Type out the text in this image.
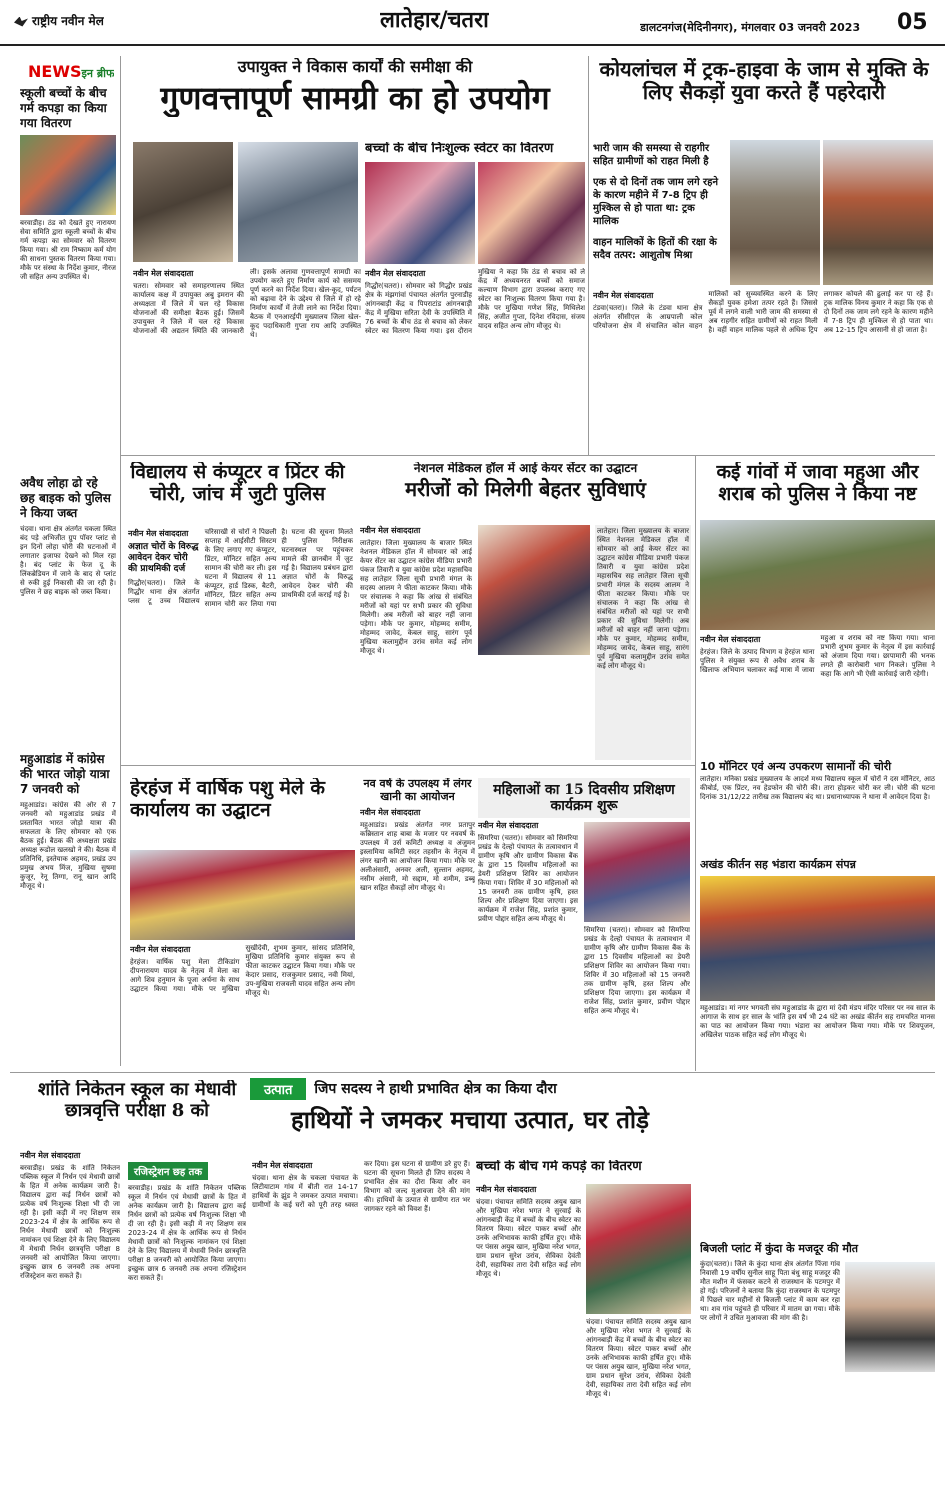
राष्ट्रीय नवीन मेल	लातेहार/चतरा	डालटनगंज(मेदिनीनगर), मंगलवार 03 जनवरी 2023 05
NEWSइन ब्रीफ
स्कूली बच्चों के बीच गर्म कपड़ा का किया गया वितरण
बरवाडीह। ठंड को देखते हुए नारायण सेवा समिति द्वारा स्कूली बच्चों के बीच गर्म कपड़ा का सोमवार को वितरण किया गया। श्री राम निष्काम कर्म योग की साधना पुस्तक वितरण किया गया। मौके पर संस्था के निर्देश कुमार, नीरज जी सहित अन्य उपस्थित थे।
अवैध लोहा ढो रहे छह बाइक को पुलिस ने किया जब्त
चंदवा। थाना क्षेत्र अंतर्गत चकला स्थित बंद पड़े अभिजीत ग्रुप पॉवर प्लांट से इन दिनों लोहा चोरी की घटनाओं में लगातार इजाफा देखने को मिल रहा है। बंद प्लांट के फेज दू के लिंकब्रेडियन में जाने के बाद से प्लांट से रुकी हुई निकासी की जा रही है। पुलिस ने छह बाइक को जब्त किया।
महुआडांड में कांग्रेस की भारत जोड़ो यात्रा 7 जनवरी को
महुआडांड। कांग्रेस की ओर से 7 जनवरी को महुआडांड प्रखंड में प्रस्तावित भारत जोड़ो यात्रा की सफलता के लिए सोमवार को एक बैठक हुई। बैठक की अध्यक्षता प्रखंड अध्यक्ष रूडोल खलखो ने की। बैठक में प्रतिनिधि, इस्तेयाक अहमद, प्रखंड उप प्रमुख अभय मिंज, मुखिया सुषमा कुजूर, रेनू तिग्गा, रानू खान आदि मौजूद थे।
उपायुक्त ने विकास कार्यों की समीक्षा की
गुणवत्तापूर्ण सामग्री का हो उपयोग
नवीन मेल संवाददाता
चतरा। सोमवार को समाहरणालय स्थित कार्यालय कक्ष में उपायुक्त अबु इमरान की अध्यक्षता में जिले में चल रहे विकास योजनाओं की समीक्षा बैठक हुई। जिसमें उपायुक्त ने जिले में चल रहे विकास योजनाओं की अद्यतन स्थिति की जानकारी ली। इसके अलावा गुणवत्तापूर्ण सामग्री का उपयोग करते हुए निर्माण कार्य को ससमय पूर्ण करने का निर्देश दिया। खेल-कूद, पर्यटन को बढ़ावा देने के उद्देश्य से जिले में हो रहे निर्माण कार्यों में तेजी लाने का निर्देश दिया। बैठक में एनआरईपी मुख्यालय जिला खेल-कूद पदाधिकारी गुप्ता राय आदि उपस्थित थे।
बच्चों के बीच निःशुल्क स्वेटर का वितरण
नवीन मेल संवाददाता
गिद्धौर(चतरा)। सोमवार को गिद्धौर प्रखंड क्षेत्र के मंझगांवां पंचायत अंतर्गत पुरनाडीह आंगनबाड़ी केंद्र व पिपराटांड आंगनबाड़ी केंद्र में मुखिया सरिता देवी के उपस्थिति में 76 बच्चों के बीच ठंड से बचाव को लेकर स्वेटर का वितरण किया गया। इस दौरान मुखिया ने कहा कि ठंड से बचाव को ले केंद्र में अध्ययनरत बच्चों को समाज कल्याण विभाग द्वारा उपलब्ध कराए गए स्वेटर का निःशुल्क वितरण किया गया है। मौके पर मुखिया गणेश सिंह, मिथिलेश सिंह, अजीत गुप्ता, दिनेश रविदास, संजय यादव सहित अन्य लोग मौजूद थे।
कोयलांचल में ट्रक-हाइवा के जाम से मुक्ति के लिए सैकड़ों युवा करते हैं पहरेदारी
भारी जाम की समस्या से राहगीर सहित ग्रामीणों को राहत मिली है
एक से दो दिनों तक जाम लगे रहने के कारण महीने में 7-8 ट्रिप ही मुश्किल से हो पाता था: ट्रक मालिक
वाहन मालिकों के हितों की रक्षा के सदैव तत्पर: आशुतोष मिश्रा
नवीन मेल संवाददाता
टंडवा(चतरा)। जिले के टंडवा थाना क्षेत्र अंतर्गत सीसीएल के आम्रपाली कोल परियोजना क्षेत्र में संचालित कोल वाहन मालिकों को सुव्यवस्थित करने के लिए सैकड़ों युवक हमेशा तत्पर रहते हैं। जिससे पूर्व में लगने वाली भारी जाम की समस्या से अब राहगीर सहित ग्रामीणों को राहत मिली है। वहीं वाहन मालिक पहले से अधिक ट्रिप लगाकर कोयले की ढुलाई कर पा रहे हैं। ट्रक मालिक विनय कुमार ने कहा कि एक से दो दिनों तक जाम लगे रहने के कारण महीने में 7-8 ट्रिप ही मुश्किल से हो पाता था। अब 12-15 ट्रिप आसानी से हो जाता है।
विद्यालय से कंप्यूटर व प्रिंटर की चोरी, जांच में जुटी पुलिस
नवीन मेल संवाददाता
अज्ञात चोरों के विरुद्ध आवेदन देकर चोरी की प्राथमिकी दर्ज
गिद्धौर(चतरा)। जिले के गिद्धौर थाना क्षेत्र अंतर्गत प्लस टू उच्च विद्यालय चरिसाखी से चोरों ने पिछली सप्ताह में आईसीटी सिस्टम के लिए लगाए गए कंप्यूटर, प्रिंटर, मॉनिटर सहित अन्य सामान की चोरी कर ली। इस घटना में विद्यालय से 11 कंप्यूटर, हार्ड डिस्क, बैटरी, मॉनिटर, प्रिंटर सहित अन्य सामान चोरी कर लिया गया है। घटना की सूचना मिलते ही पुलिस निरीक्षक घटनास्थल पर पहुंचकर मामले की छानबीन में जुट गई है। विद्यालय प्रबंधन द्वारा अज्ञात चोरों के विरुद्ध आवेदन देकर चोरी की प्राथमिकी दर्ज कराई गई है।
नेशनल मेडिकल हॉल में आई केयर सेंटर का उद्घाटन
मरीजों को मिलेगी बेहतर सुविधाएं
नवीन मेल संवाददाता
लातेहार। जिला मुख्यालय के बाजार स्थित नेशनल मेडिकल हॉल में सोमवार को आई केयर सेंटर का उद्घाटन कांग्रेस मीडिया प्रभारी पंकज तिवारी व युवा कांग्रेस प्रदेश महासचिव सह लातेहार जिला सूची प्रभारी मंगल के सदस्य आलम ने फीता काटकर किया। मौके पर संचालक ने कहा कि आंख से संबंधित मरीजों को यहां पर सभी प्रकार की सुविधा मिलेगी। अब मरीजों को बाहर नहीं जाना पड़ेगा। मौके पर कुमार, मोहम्मद समीम, मोहम्मद जावेद, केबल साहू, सारंग पूर्व मुखिया कलामुद्दीन उरांव समेत कई लोग मौजूद थे।
लातेहार। जिला मुख्यालय के बाजार स्थित नेशनल मेडिकल हॉल में सोमवार को आई केयर सेंटर का उद्घाटन कांग्रेस मीडिया प्रभारी पंकज तिवारी व युवा कांग्रेस प्रदेश महासचिव सह लातेहार जिला सूची प्रभारी मंगल के सदस्य आलम ने फीता काटकर किया। मौके पर संचालक ने कहा कि आंख से संबंधित मरीजों को यहां पर सभी प्रकार की सुविधा मिलेगी। अब मरीजों को बाहर नहीं जाना पड़ेगा। मौके पर कुमार, मोहम्मद समीम, मोहम्मद जावेद, केबल साहू, सारंग पूर्व मुखिया कलामुद्दीन उरांव समेत कई लोग मौजूद थे।
कई गांवों में जावा महुआ और शराब को पुलिस ने किया नष्ट
नवीन मेल संवाददाता
हेरहंज। जिले के उत्पाद विभाग व हेरहंज थाना पुलिस ने संयुक्त रूप से अवैध शराब के खिलाफ अभियान चलाकर कई मात्रा में जावा महुआ व शराब को नष्ट किया गया। थाना प्रभारी शुभम कुमार के नेतृत्व में इस कार्रवाई को अंजाम दिया गया। छापामारी की भनक लगते ही कारोबारी भाग निकले। पुलिस ने कहा कि आगे भी ऐसी कार्रवाई जारी रहेगी।
10 मॉनिटर एवं अन्य उपकरण सामानों की चोरी
लातेहार। मनिका प्रखंड मुख्यालय के आदर्श मध्य विद्यालय स्कूल में चोरों ने दस मॉनिटर, आठ कीबोर्ड, एक प्रिंटर, नव हेडफोन की चोरी की। तारा होड़कर चोरी कर ली। चोरी की घटना दिनांक 31/12/22 तारीख तक विद्यालय बंद था। प्रधानाध्यापक ने थाना में आवेदन दिया है।
अखंड कीर्तन सह भंडारा कार्यक्रम संपन्न
महुआडांड। मां नगर भगवती संघ महुआडांड के द्वारा मां देवी मंडप मंदिर परिसर पर नव साल के आगाज के साथ हर साल के भांति इस वर्ष भी 24 घंटे का अखंड कीर्तन सह रामचरित मानस का पाठ का आयोजन किया गया। भंडारा का आयोजन किया गया। मौके पर शिवपूजन, अखिलेश पाठक सहित कई लोग मौजूद थे।
हेरहंज में वार्षिक पशु मेले के कार्यालय का उद्घाटन
नवीन मेल संवाददाता
हेरहंज। वार्षिक पशु मेला टीकिडांग दीपनारायण यादव के नेतृत्व में मेला का आगे शिव हनुमान के पूजा अर्चना के साथ उद्घाटन किया गया। मौके पर मुखिया सुखीदेवी, शुभम कुमार, सांसद प्रतिनिधि, मुखिया प्रतिनिधि कुमार संयुक्त रूप से फीता काटकर उद्घाटन किया गया। मौके पर केदार प्रसाद, राजकुमार प्रसाद, नवी मियां, उप-मुखिया राजवली यादव सहित अन्य लोग मौजूद थे।
नव वर्ष के उपलक्ष्य में लंगर खानी का आयोजन
नवीन मेल संवाददाता
महुआडांड। प्रखंड अंतर्गत नगर प्रतापुर कब्रिस्तान शाह बाबा के मजार पर नववर्ष के उपलक्ष्य में उर्स कमिटी अध्यक्ष व अंजुमन इस्लामिया कमिटी सदर तहसीन के नेतृत्व में लंगर खानी का आयोजन किया गया। मौके पर अलीअंसारी, अनवर अली, सुल्तान अहमद, नसीम अंसारी, मो सद्दाम, मो शमीम, डब्बू खान सहित सैकड़ों लोग मौजूद थे।
महिलाओं का 15 दिवसीय प्रशिक्षण कार्यक्रम शुरू
नवीन मेल संवाददाता
सिमरिया (चतरा)। सोमवार को सिमरिया प्रखंड के देल्हो पंचायत के तत्वावधान में ग्रामीण कृषि और ग्रामीण विकास बैंक के द्वारा 15 दिवसीय महिलाओं का डेयरी प्रशिक्षण शिविर का आयोजन किया गया। शिविर में 30 महिलाओं को 15 जनवरी तक ग्रामीण कृषि, हस्त शिल्प और प्रशिक्षण दिया जाएगा। इस कार्यक्रम में राजेश सिंह, प्रशांत कुमार, प्रवीण पोद्दार सहित अन्य मौजूद थे।
सिमरिया (चतरा)। सोमवार को सिमरिया प्रखंड के देल्हो पंचायत के तत्वावधान में ग्रामीण कृषि और ग्रामीण विकास बैंक के द्वारा 15 दिवसीय महिलाओं का डेयरी प्रशिक्षण शिविर का आयोजन किया गया। शिविर में 30 महिलाओं को 15 जनवरी तक ग्रामीण कृषि, हस्त शिल्प और प्रशिक्षण दिया जाएगा। इस कार्यक्रम में राजेश सिंह, प्रशांत कुमार, प्रवीण पोद्दार सहित अन्य मौजूद थे।
शांति निकेतन स्कूल का मेधावी छात्रवृत्ति परीक्षा 8 को
नवीन मेल संवाददाता
बरवाडीह। प्रखंड के शांति निकेतन पब्लिक स्कूल में निर्धन एवं मेधावी छात्रों के हित में अनेक कार्यक्रम जारी है। विद्यालय द्वारा कई निर्धन छात्रों को प्रत्येक वर्ष निःशुल्क शिक्षा भी दी जा रही है। इसी कड़ी में नए शिक्षण सत्र 2023-24 में क्षेत्र के आर्थिक रूप से निर्धन मेधावी छात्रों को निःशुल्क नामांकन एवं शिक्षा देने के लिए विद्यालय में मेधावी निर्धन छात्रवृत्ति परीक्षा 8 जनवरी को आयोजित किया जाएगा। इच्छुक छात्र 6 जनवरी तक अपना रजिस्ट्रेशन करा सकते हैं।
रजिस्ट्रेशन छह तक
बरवाडीह। प्रखंड के शांति निकेतन पब्लिक स्कूल में निर्धन एवं मेधावी छात्रों के हित में अनेक कार्यक्रम जारी है। विद्यालय द्वारा कई निर्धन छात्रों को प्रत्येक वर्ष निःशुल्क शिक्षा भी दी जा रही है। इसी कड़ी में नए शिक्षण सत्र 2023-24 में क्षेत्र के आर्थिक रूप से निर्धन मेधावी छात्रों को निःशुल्क नामांकन एवं शिक्षा देने के लिए विद्यालय में मेधावी निर्धन छात्रवृत्ति परीक्षा 8 जनवरी को आयोजित किया जाएगा। इच्छुक छात्र 6 जनवरी तक अपना रजिस्ट्रेशन करा सकते हैं।
उत्पात	जिप सदस्य ने हाथी प्रभावित क्षेत्र का किया दौरा
हाथियों ने जमकर मचाया उत्पात, घर तोड़े
नवीन मेल संवाददाता
चंदवा। थाना क्षेत्र के चकला पंचायत के लिटीयाटाम गांव में बीती रात 14-17 हाथियों के झुंड ने जमकर उत्पात मचाया। ग्रामीणों के कई घरों को पूरी तरह ध्वस्त कर दिया। इस घटना से ग्रामीण डरे हुए हैं। घटना की सूचना मिलते ही जिप सदस्य ने प्रभावित क्षेत्र का दौरा किया और वन विभाग को जल्द मुआवजा देने की मांग की। हाथियों के उत्पात से ग्रामीण रात भर जागकर रहने को विवश हैं।
बच्चों के बीच गर्म कपड़े का वितरण
नवीन मेल संवाददाता
चंदवा। पंचायत समिति सदस्य अयुब खान और मुखिया नरेश भगत ने सुरवाई के आंगनबाड़ी केंद्र में बच्चों के बीच स्वेटर का वितरण किया। स्वेटर पाकर बच्चों और उनके अभिभावक काफी हर्षित हुए। मौके पर पंसस अयुब खान, मुखिया नरेश भगत, ग्राम प्रधान सुरेश उरांव, सेविका देवंती देवी, सहायिका तारा देवी सहित कई लोग मौजूद थे।
चंदवा। पंचायत समिति सदस्य अयुब खान और मुखिया नरेश भगत ने सुरवाई के आंगनबाड़ी केंद्र में बच्चों के बीच स्वेटर का वितरण किया। स्वेटर पाकर बच्चों और उनके अभिभावक काफी हर्षित हुए। मौके पर पंसस अयुब खान, मुखिया नरेश भगत, ग्राम प्रधान सुरेश उरांव, सेविका देवंती देवी, सहायिका तारा देवी सहित कई लोग मौजूद थे।
बिजली प्लांट में कुंदा के मजदूर की मौत
कुंदा(चतरा)। जिले के कुंदा थाना क्षेत्र अंतर्गत पिंजा गांव निवासी 19 वर्षीय सुनील साहू पिता बंधु साहू मजदूर की मौत मशीन में फंसकर कटने से राजस्थान के पटमपुर में हो गई। परिजनों ने बताया कि कुंदा राजस्थान के पटमपुर में पिछले चार महीनों से बिजली प्लांट में काम कर रहा था। शव गांव पहुंचते ही परिवार में मातम छा गया। मौके पर लोगों ने उचित मुआवजा की मांग की है।
